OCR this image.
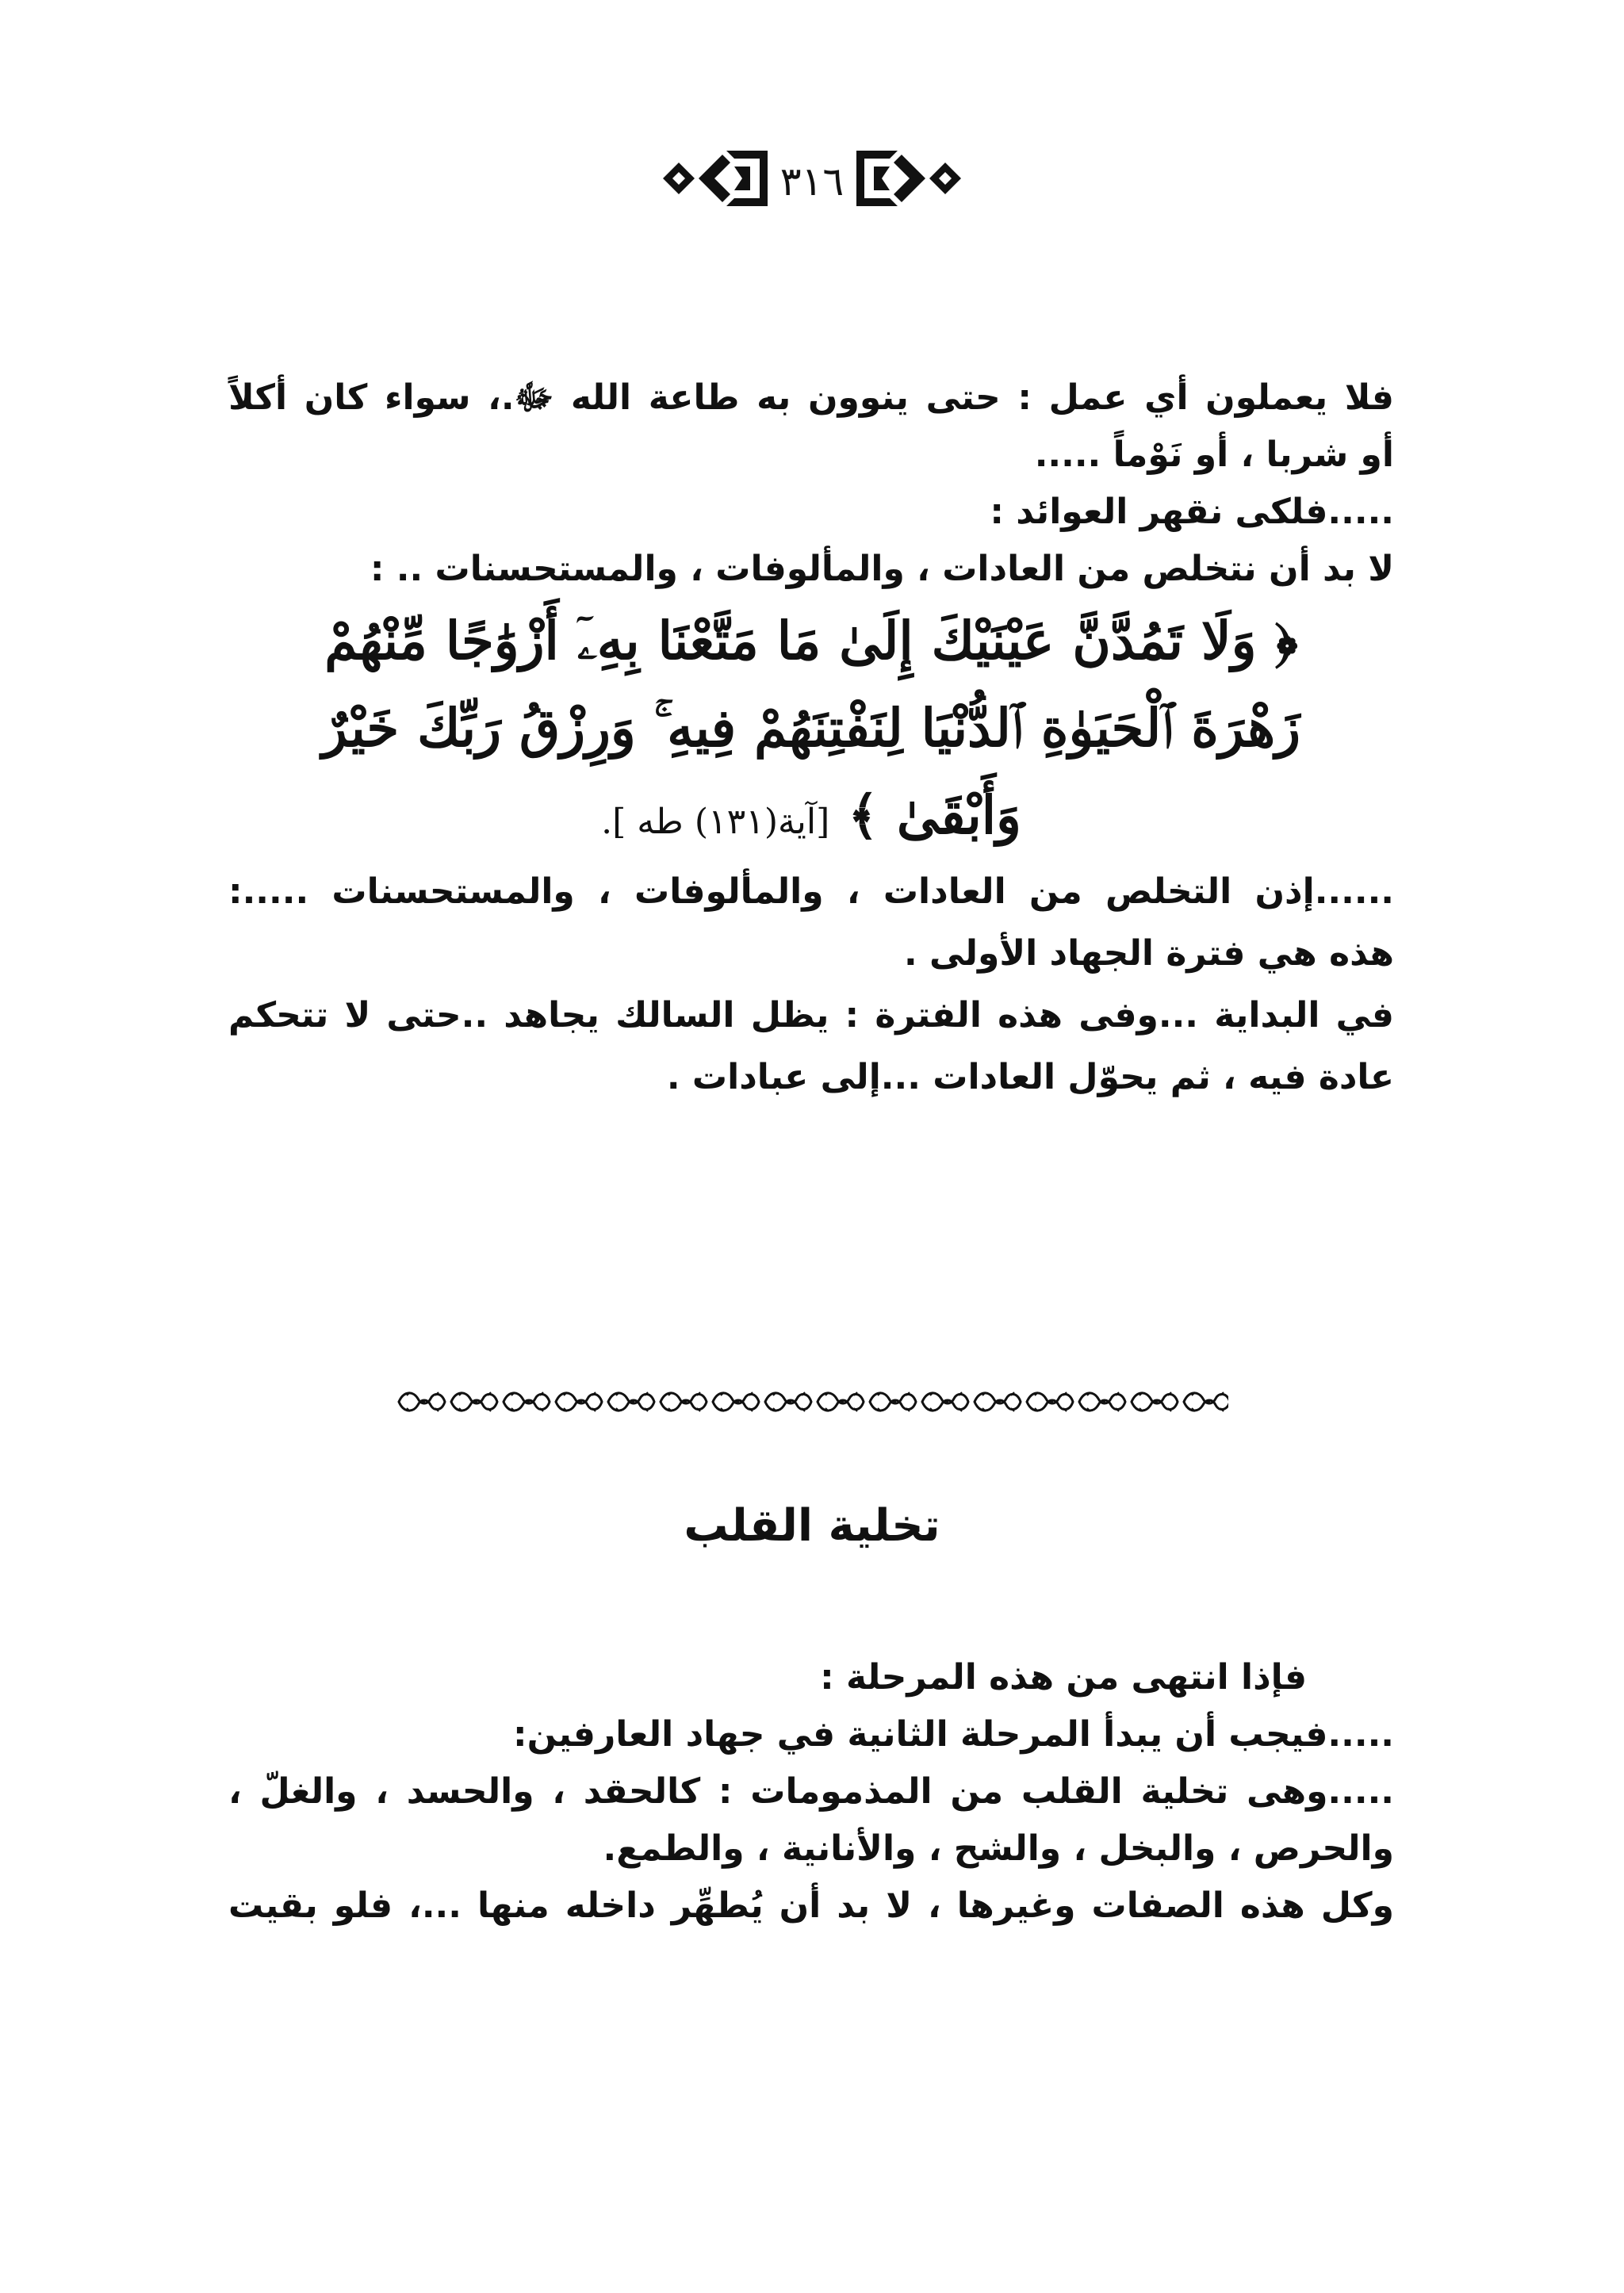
٣١٦

فلا يعملون أي عمل : حتى ينوون به طاعة الله ﷻ.، سواء كان أكلاً

أو شربا ، أو نَوْماً .....

.....فلكى نقهر العوائد :

لا بد أن نتخلص من العادات ، والمألوفات ، والمستحسنات .. :

﴿ وَلَا تَمُدَّنَّ عَيْنَيْكَ إِلَىٰ مَا مَتَّعْنَا بِهِۦٓ أَزْوَٰجًا مِّنْهُمْ
زَهْرَةَ ٱلْحَيَوٰةِ ٱلدُّنْيَا لِنَفْتِنَهُمْ فِيهِ ۚ وَرِزْقُ رَبِّكَ خَيْرٌ
وَأَبْقَىٰ ﴾ [آية(١٣١) طه ].

......إذن التخلص من العادات ، والمألوفات ، والمستحسنات .....:

هذه هي فترة الجهاد الأولى .

في البداية ...وفى هذه الفترة : يظل السالك يجاهد ..حتى لا تتحكم

عادة فيه ، ثم يحوّل العادات ...إلى عبادات .

تخلية القلب

فإذا انتهى من هذه المرحلة :

.....فيجب أن يبدأ المرحلة الثانية في جهاد العارفين:

.....وهى تخلية القلب من المذمومات : كالحقد ، والحسد ، والغلّ ،

والحرص ، والبخل ، والشح ، والأنانية ، والطمع.

وكل هذه الصفات وغيرها ، لا بد أن يُطهِّر داخله منها ...، فلو بقيت
